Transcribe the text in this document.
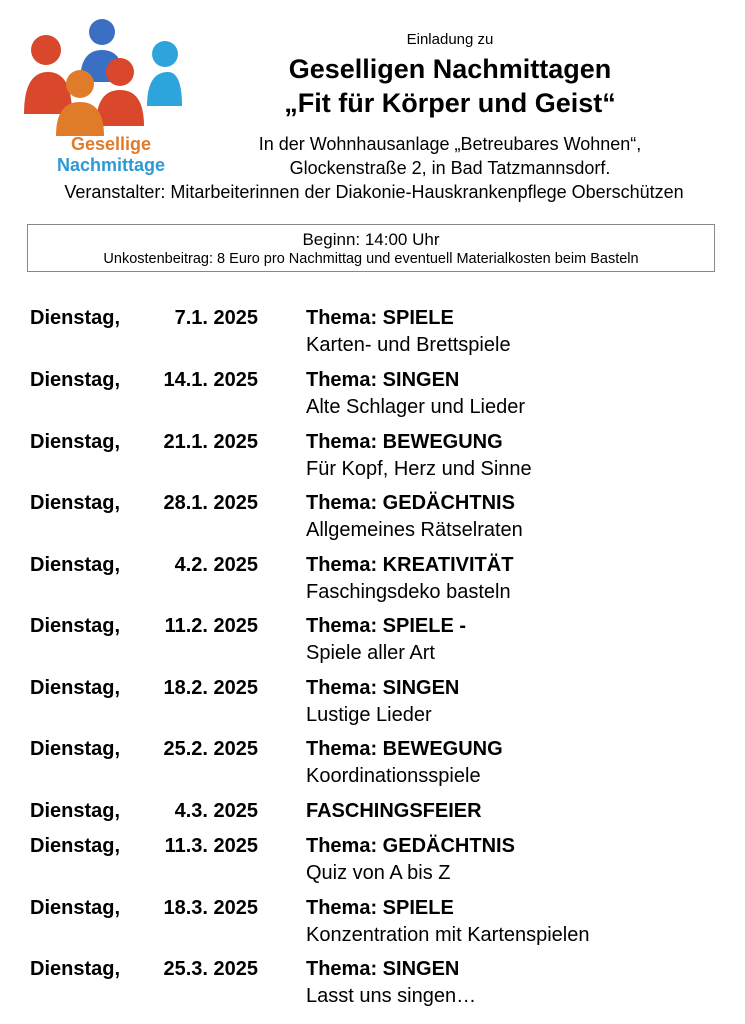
Gesellige
Nachmittage
Einladung zu
Geselligen Nachmittagen
„Fit für Körper und Geist“
In der Wohnhausanlage „Betreubares Wohnen“,
Glockenstraße 2, in Bad Tatzmannsdorf.
Veranstalter: Mitarbeiterinnen der Diakonie-Hauskrankenpflege Oberschützen
Beginn: 14:00 Uhr
Unkostenbeitrag: 8 Euro pro Nachmittag und eventuell Materialkosten beim Basteln
Dienstag,	7.1. 2025 Thema: SPIELE
Karten- und Brettspiele
Dienstag,	14.1. 2025 Thema: SINGEN
Alte Schlager und Lieder
Dienstag,	21.1. 2025 Thema: BEWEGUNG
Für Kopf, Herz und Sinne
Dienstag,	28.1. 2025 Thema: GEDÄCHTNIS
Allgemeines Rätselraten
Dienstag,	4.2. 2025 Thema: KREATIVITÄT
Faschingsdeko basteln
Dienstag,	11.2. 2025 Thema: SPIELE -
Spiele aller Art
Dienstag,	18.2. 2025 Thema: SINGEN
Lustige Lieder
Dienstag,	25.2. 2025 Thema: BEWEGUNG
Koordinationsspiele
Dienstag,	4.3. 2025 FASCHINGSFEIER
Dienstag,	11.3. 2025 Thema: GEDÄCHTNIS
Quiz von A bis Z
Dienstag,	18.3. 2025 Thema: SPIELE
Konzentration mit Kartenspielen
Dienstag,	25.3. 2025 Thema: SINGEN
Lasst uns singen…
